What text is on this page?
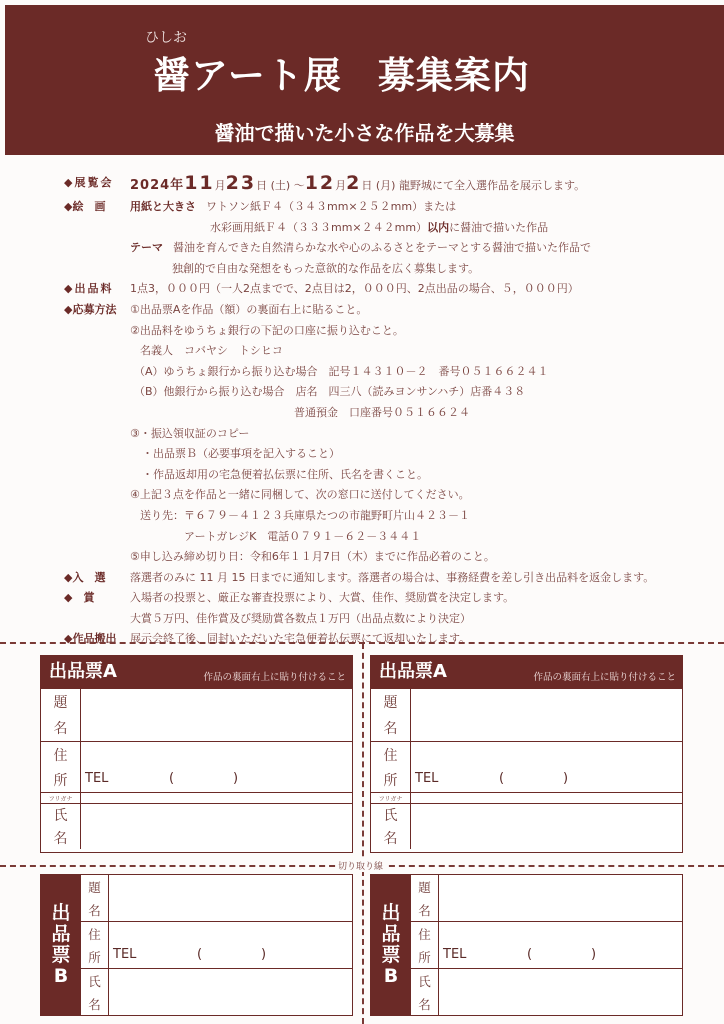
ひしお
醤アート展 募集案内
醤油で描いた小さな作品を大募集
◆展覧会	2024年11月23日 (土) ～12月2日 (月) 龍野城にて全入選作品を展示します。
◆絵　画	用紙と大きさ ワトソン紙Ｆ４（３４３mm×２５２mm）または
水彩画用紙Ｆ４（３３３mm×２４２mm） 以内 に醤油で描いた作品
テーマ 醤油を育んできた自然清らかな水や心のふるさとをテーマとする醤油で描いた作品で
独創的で自由な発想をもった意欲的な作品を広く募集します。
◆出品料	1点3，０００円（一人2点までで、2点目は2，０００円、2点出品の場合、５，０００円）
◆応募方法	①出品票Aを作品（額）の裏面右上に貼ること。
②出品料をゆうちょ銀行の下記の口座に振り込むこと。
名義人　コバヤシ　トシヒコ
（A）ゆうちょ銀行から振り込む場合　記号１４３１０－２　番号０５１６６２４１
（B）他銀行から振り込む場合　店名　四三八（読みヨンサンハチ）店番４３８
普通預金　口座番号０５１６６２４
③・振込領収証のコピー
・出品票Ｂ（必要事項を記入すること）
・作品返却用の宅急便着払伝票に住所、氏名を書くこと。
④上記３点を作品と一緒に同梱して、次の窓口に送付してください。
送り先：〒６７９－４１２３兵庫県たつの市龍野町片山４２３－１
アートガレジK　電話０７９１－６２－３４４１
⑤申し込み締め切り日：令和6年１１月7日（木）までに作品必着のこと。
◆入　選	落選者のみに 11 月 15 日までに通知します。落選者の場合は、事務経費を差し引き出品料を返金します。
◆　賞	入場者の投票と、厳正な審査投票により、大賞、佳作、奨励賞を決定します。
大賞５万円、佳作賞及び奨励賞各数点１万円（出品点数により決定）
◆作品搬出	展示会終了後、同封いただいた宅急便着払伝票にて返却いたします。
切り取り線
出品票A	作品の裏面右上に貼り付けること
題
名
住
所 TEL	(	)
フリガナ
氏
名
出品票A	作品の裏面右上に貼り付けること
題
名
住
所 TEL	(	)
フリガナ
氏
名
出
品
票
B
題
名
住
所 TEL	(	)
氏
名
出
品
票
B
題
名
住
所 TEL	(	)
氏
名
